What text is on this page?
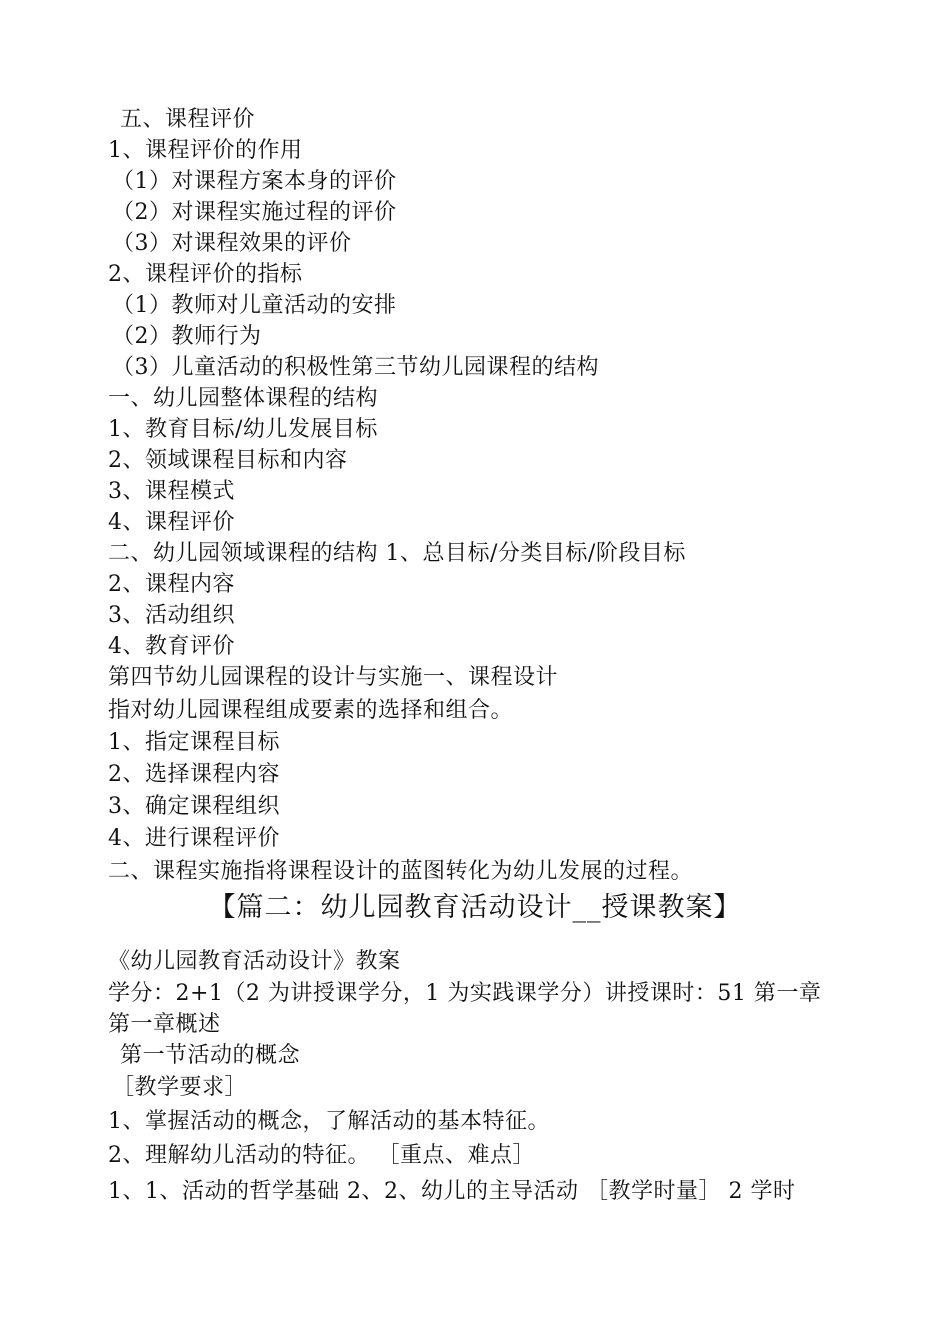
五、课程评价
1、课程评价的作用
（1）对课程方案本身的评价
（2）对课程实施过程的评价
（3）对课程效果的评价
2、课程评价的指标
（1）教师对儿童活动的安排
（2）教师行为
（3）儿童活动的积极性第三节幼儿园课程的结构
一、幼儿园整体课程的结构
1、教育目标/幼儿发展目标
2、领域课程目标和内容
3、课程模式
4、课程评价
二、幼儿园领域课程的结构 1、总目标/分类目标/阶段目标
2、课程内容
3、活动组织
4、教育评价
第四节幼儿园课程的设计与实施一、课程设计
指对幼儿园课程组成要素的选择和组合。
1、指定课程目标
2、选择课程内容
3、确定课程组织
4、进行课程评价
二、课程实施指将课程设计的蓝图转化为幼儿发展的过程。
【篇二：幼儿园教育活动设计__授课教案】
《幼儿园教育活动设计》教案
学分：2+1（2 为讲授课学分，1 为实践课学分）讲授课时：51 第一章
第一章概述
第一节活动的概念
［教学要求］
1、掌握活动的概念，了解活动的基本特征。
2、理解幼儿活动的特征。 ［重点、难点］
1、1、活动的哲学基础 2、2、幼儿的主导活动 ［教学时量］ 2 学时
